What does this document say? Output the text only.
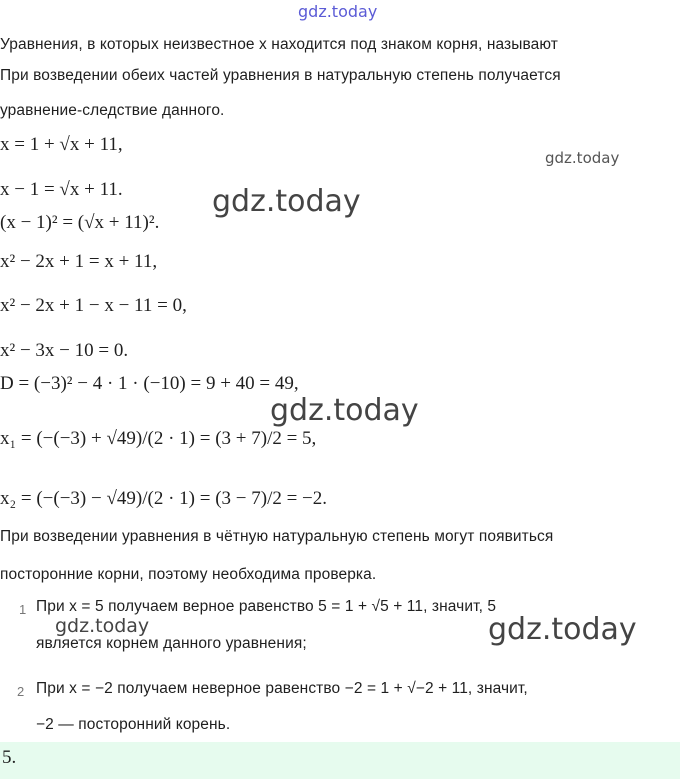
gdz.today
gdz.today
gdz.today
gdz.today
gdz.today	gdz.today
Уравнения, в которых неизвестное x находится под знаком корня, называют
При возведении обеих частей уравнения в натуральную степень получается
уравнение-следствие данного.
x = 1 + √x + 11,
x − 1 = √x + 11.
(x − 1)² = (√x + 11)².
x² − 2x + 1 = x + 11,
x² − 2x + 1 − x − 11 = 0,
x² − 3x − 10 = 0.
D = (−3)² − 4 · 1 · (−10) = 9 + 40 = 49,
x₁ = (−(−3) + √49)/(2 · 1) = (3 + 7)/2 = 5,
x₂ = (−(−3) − √49)/(2 · 1) = (3 − 7)/2 = −2.
При возведении уравнения в чётную натуральную степень могут появиться
посторонние корни, поэтому необходима проверка.
1 При x = 5 получаем верное равенство 5 = 1 + √5 + 11, значит, 5
является корнем данного уравнения;
2 При x = −2 получаем неверное равенство −2 = 1 + √−2 + 11, значит,
−2 — посторонний корень.
5.
